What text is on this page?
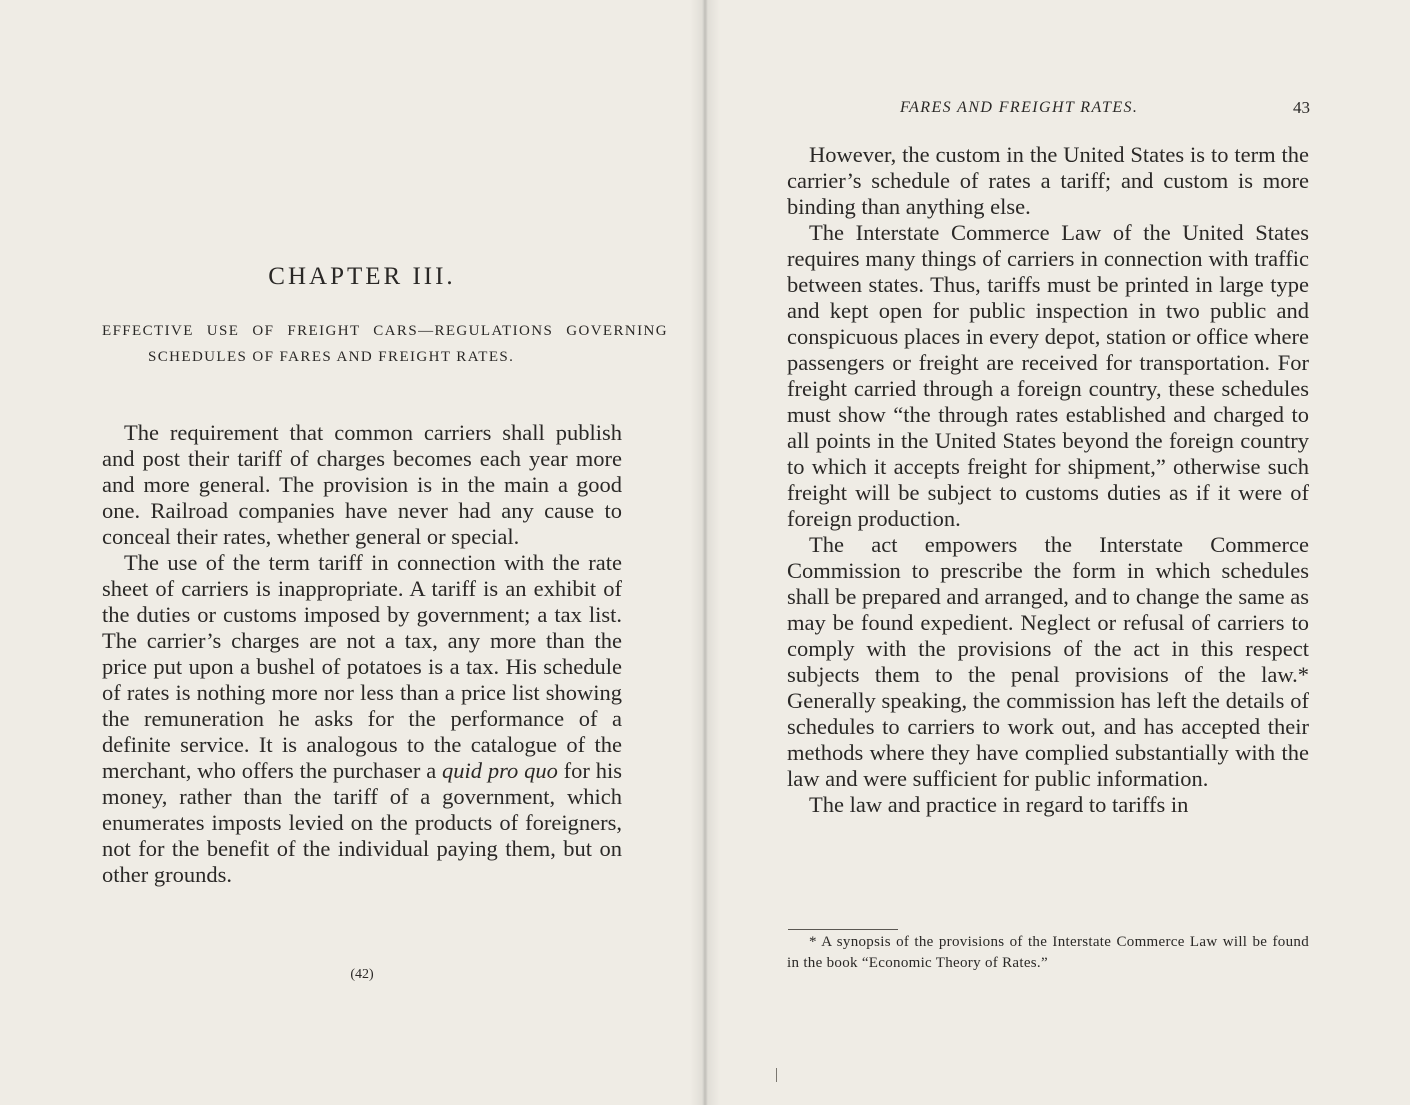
CHAPTER III.

EFFECTIVE USE OF FREIGHT CARS—REGULATIONS GOVERNING SCHEDULES OF FARES AND FREIGHT RATES.

The requirement that common carriers shall publish and post their tariff of charges becomes each year more and more general. The provision is in the main a good one. Railroad companies have never had any cause to conceal their rates, whether general or special.

The use of the term tariff in connection with the rate sheet of carriers is inappropriate. A tariff is an exhibit of the duties or customs imposed by government; a tax list. The carrier’s charges are not a tax, any more than the price put upon a bushel of potatoes is a tax. His schedule of rates is nothing more nor less than a price list showing the remuneration he asks for the performance of a definite service. It is analogous to the catalogue of the merchant, who offers the purchaser a quid pro quo for his money, rather than the tariff of a government, which enumerates imposts levied on the products of foreigners, not for the benefit of the individual paying them, but on other grounds.

(42)
FARES AND FREIGHT RATES.	43

However, the custom in the United States is to term the carrier’s schedule of rates a tariff; and custom is more binding than anything else.

The Interstate Commerce Law of the United States requires many things of carriers in connection with traffic between states. Thus, tariffs must be printed in large type and kept open for public inspection in two public and conspicuous places in every depot, station or office where passengers or freight are received for transportation. For freight carried through a foreign country, these schedules must show “the through rates established and charged to all points in the United States beyond the foreign country to which it accepts freight for shipment,” otherwise such freight will be subject to customs duties as if it were of foreign production.

The act empowers the Interstate Commerce Commission to prescribe the form in which schedules shall be prepared and arranged, and to change the same as may be found expedient. Neglect or refusal of carriers to comply with the provisions of the act in this respect subjects them to the penal provisions of the law.* Generally speaking, the commission has left the details of schedules to carriers to work out, and has accepted their methods where they have complied substantially with the law and were sufficient for public information.

The law and practice in regard to tariffs in

* A synopsis of the provisions of the Interstate Commerce Law will be found in the book “Economic Theory of Rates.”
